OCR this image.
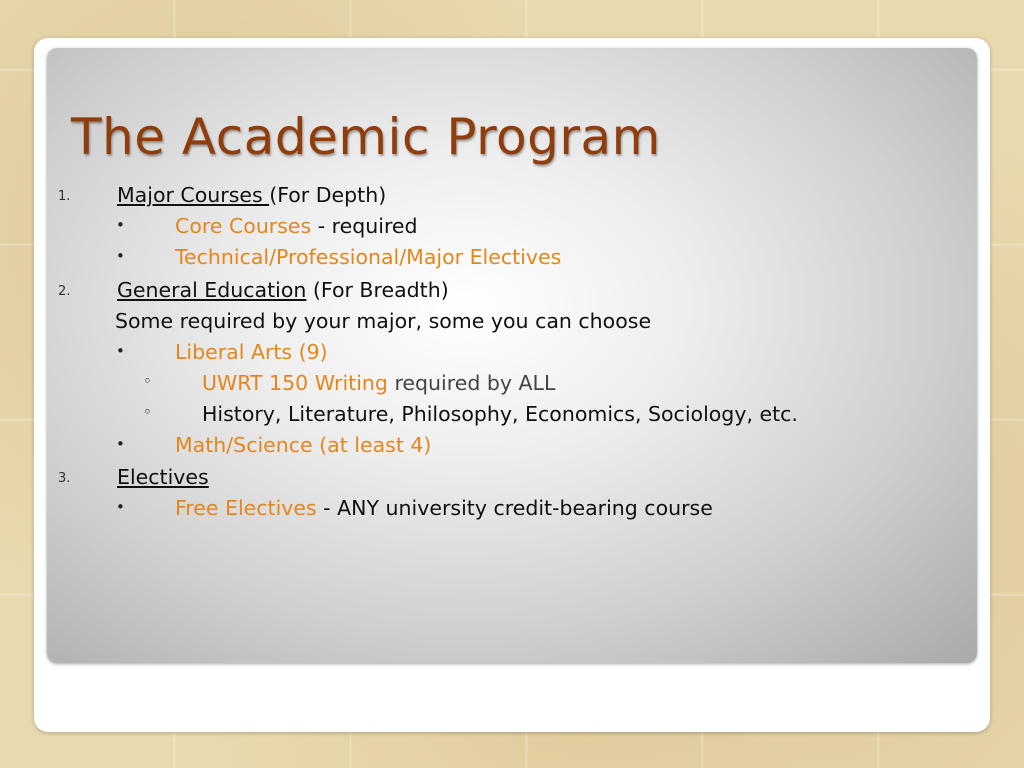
The Academic Program
1. Major Courses (For Depth)
• Core Courses - required
• Technical/Professional/Major Electives
2. General Education (For Breadth)
Some required by your major, some you can choose
• Liberal Arts (9)
◦ UWRT 150 Writing required by ALL
◦ History, Literature, Philosophy, Economics, Sociology, etc.
• Math/Science (at least 4)
3. Electives
• Free Electives - ANY university credit-bearing course
